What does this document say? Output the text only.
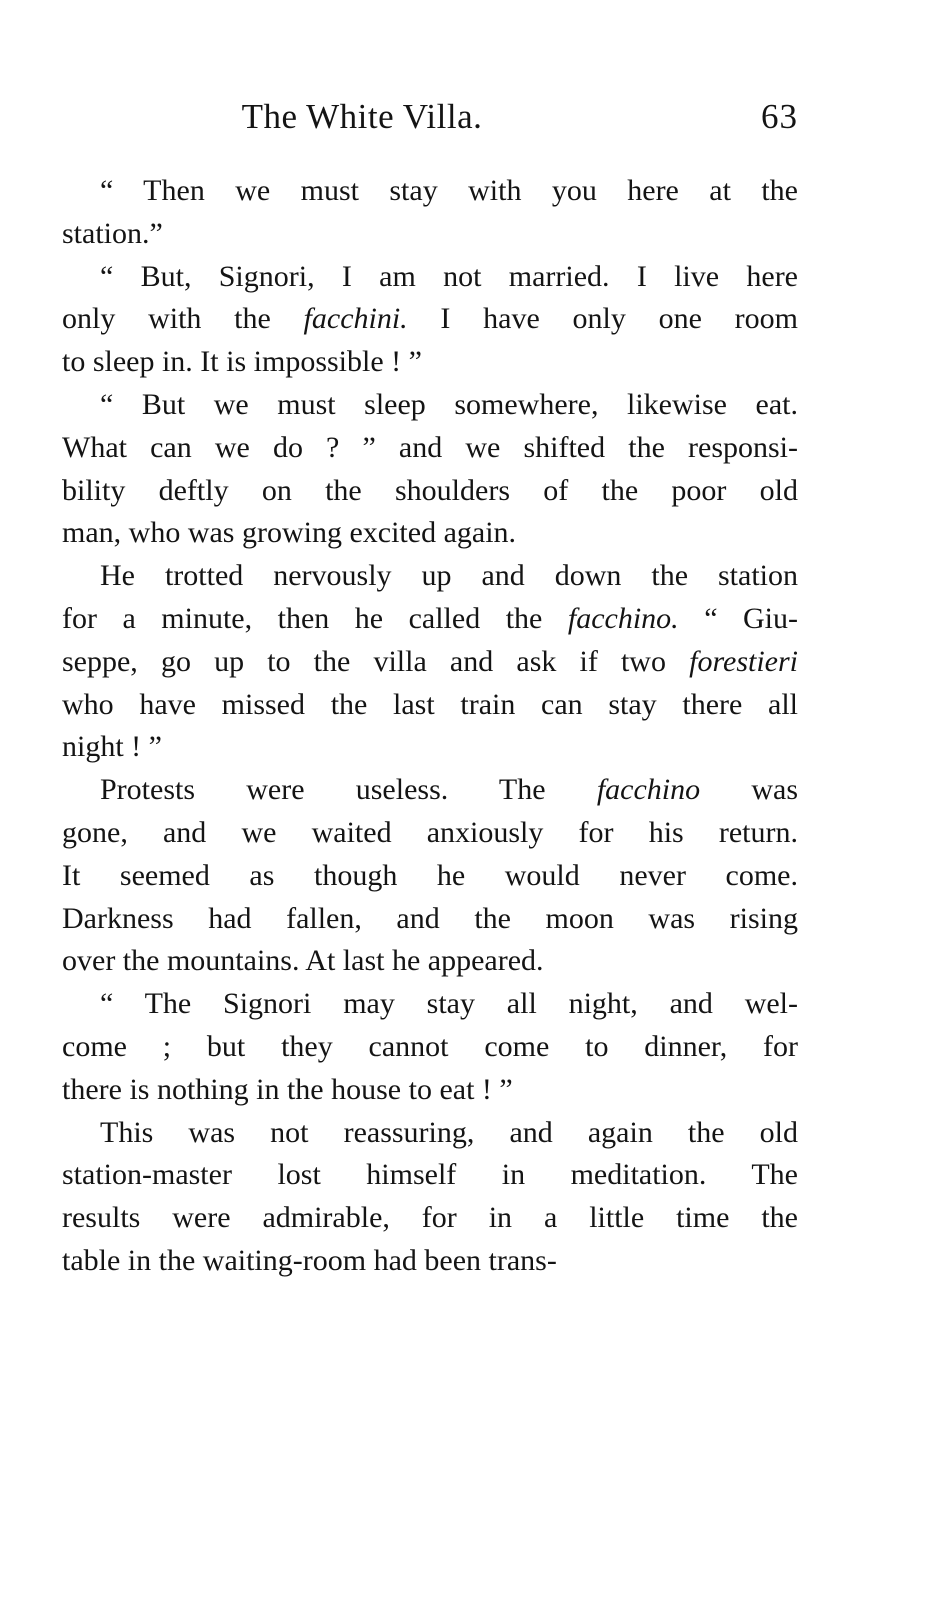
The White Villa.	63
“ Then we must stay with you here at the
station.”
“ But, Signori, I am not married. I live here
only with the facchini. I have only one room
to sleep in. It is impossible ! ”
“ But we must sleep somewhere, likewise eat.
What can we do ? ” and we shifted the responsi-
bility deftly on the shoulders of the poor old
man, who was growing excited again.
He trotted nervously up and down the station
for a minute, then he called the facchino. “ Giu-
seppe, go up to the villa and ask if two forestieri
who have missed the last train can stay there all
night ! ”
Protests were useless. The facchino was
gone, and we waited anxiously for his return.
It seemed as though he would never come.
Darkness had fallen, and the moon was rising
over the mountains. At last he appeared.
“ The Signori may stay all night, and wel-
come ; but they cannot come to dinner, for
there is nothing in the house to eat ! ”
This was not reassuring, and again the old
station-master lost himself in meditation. The
results were admirable, for in a little time the
table in the waiting-room had been trans-
